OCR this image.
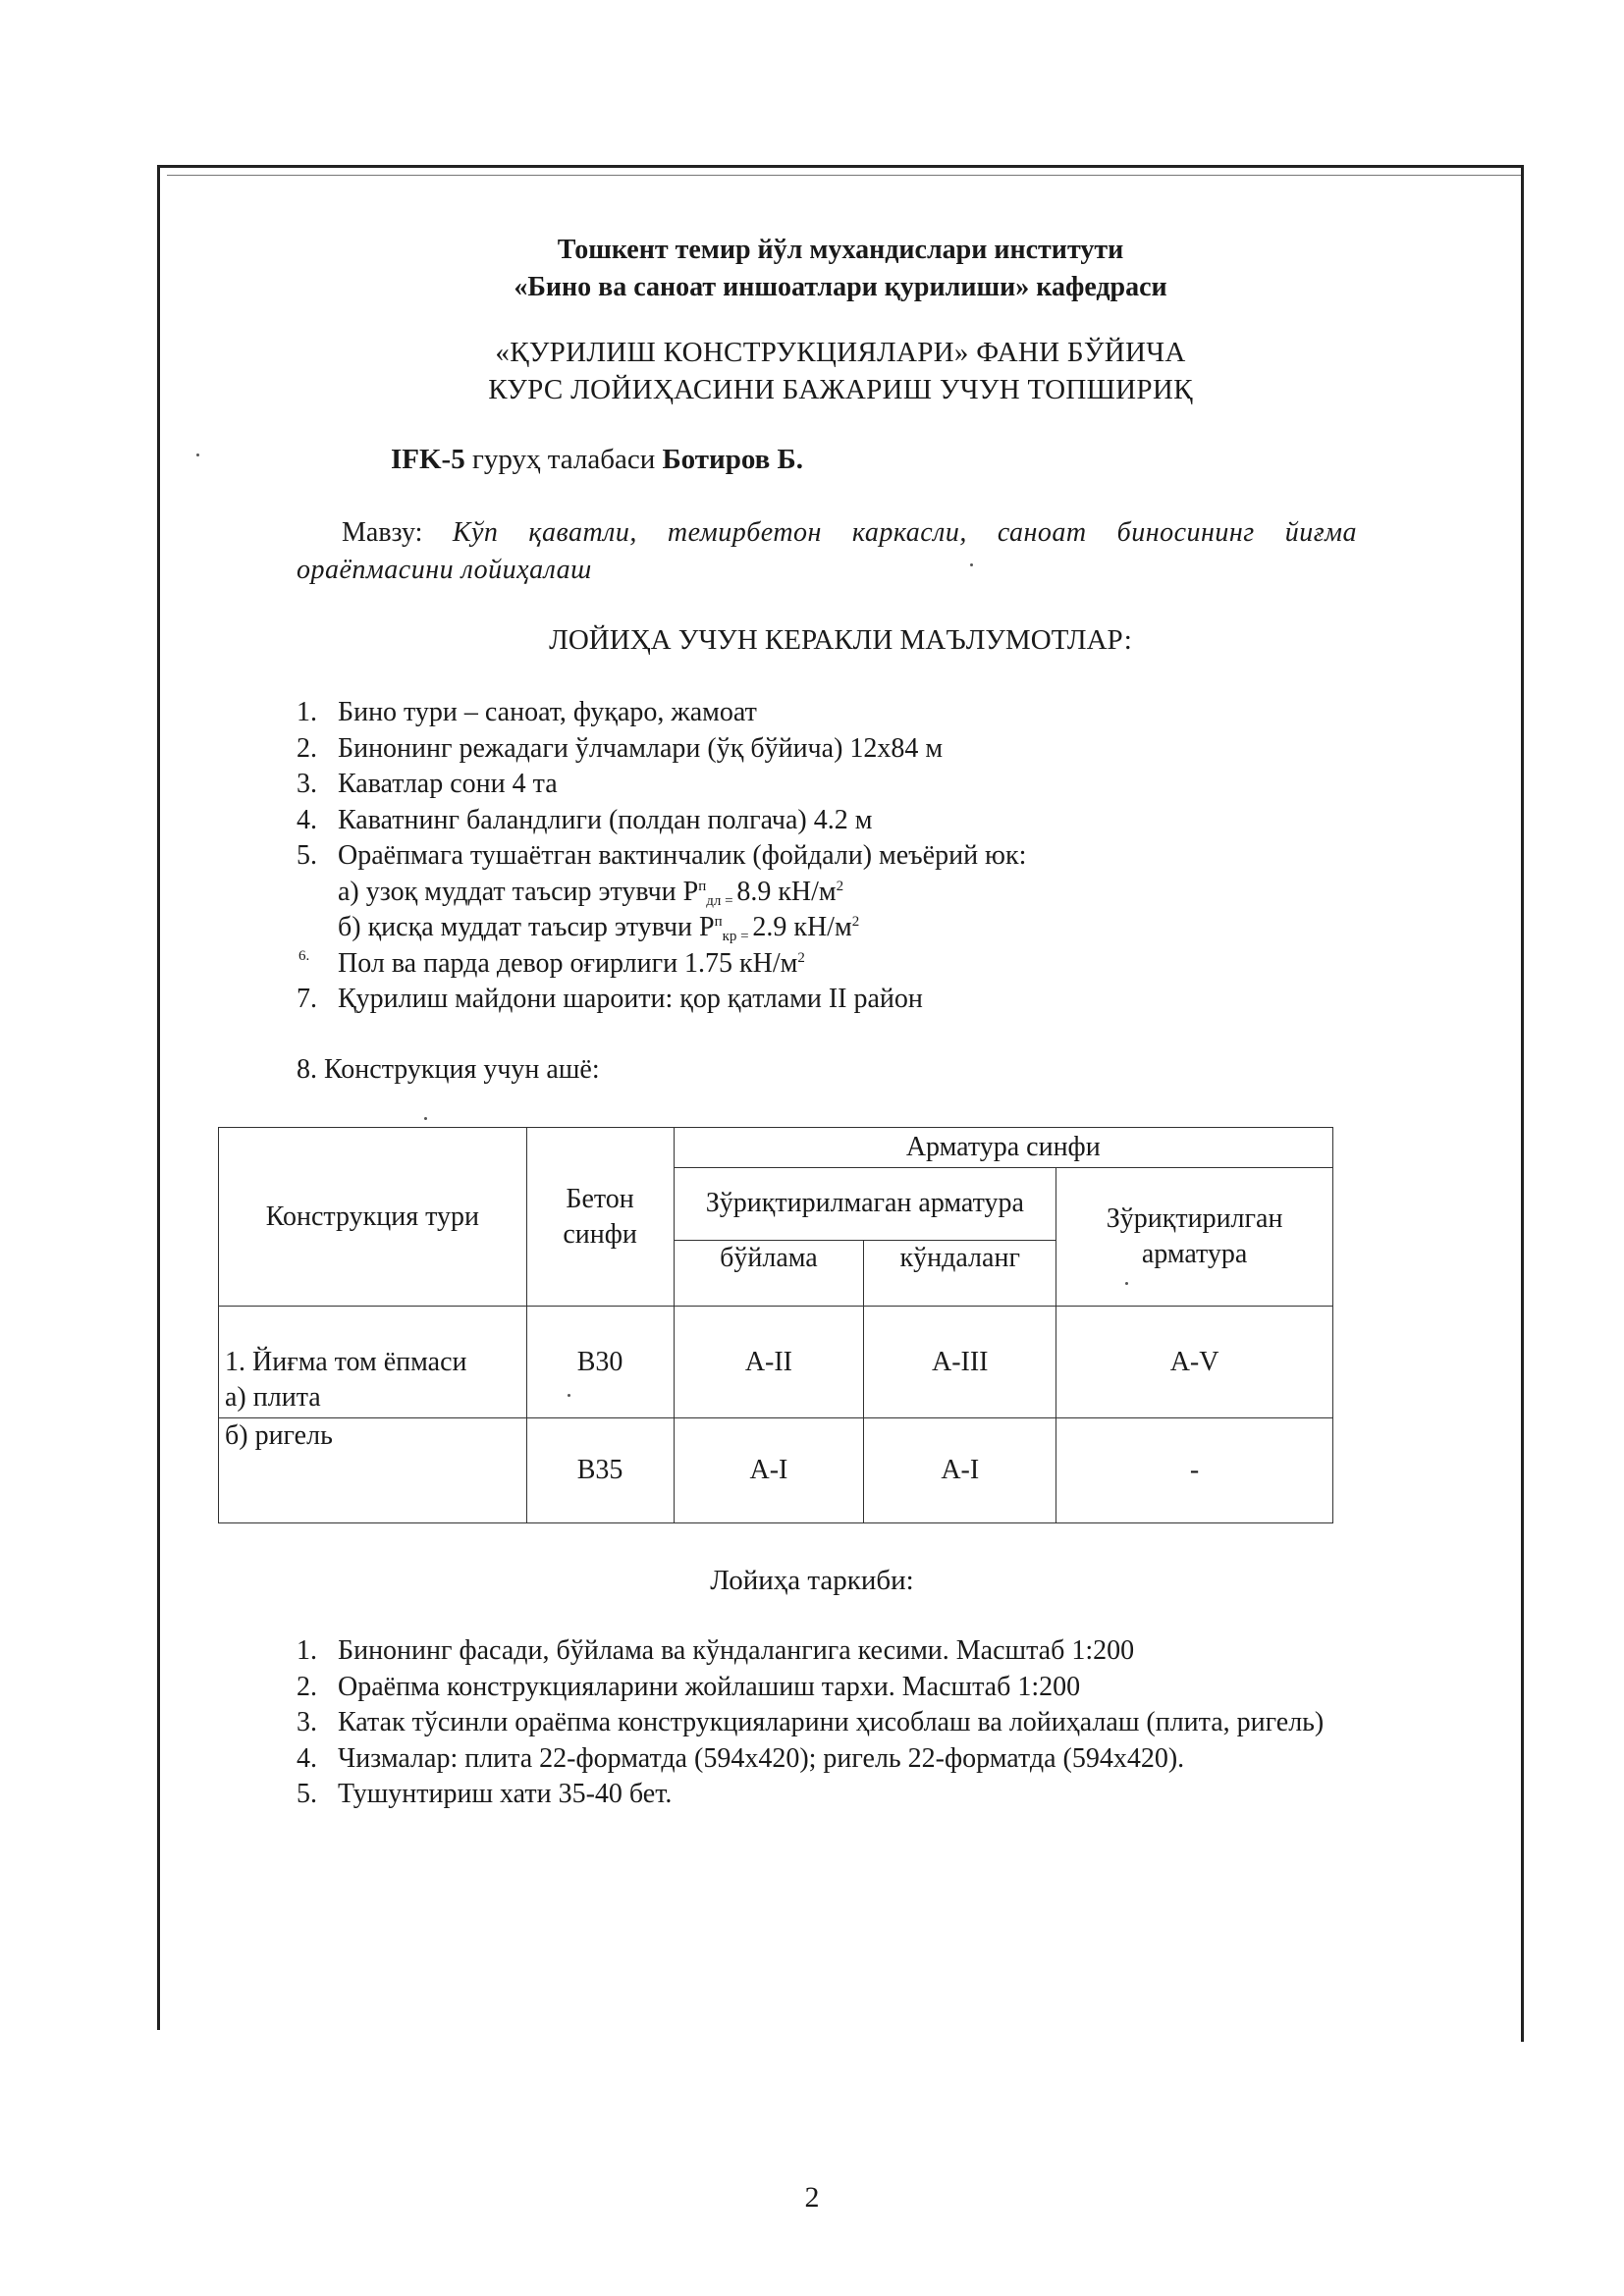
Тошкент темир йўл мухандислари институти
«Бино ва саноат иншоатлари қурилиши» кафедраси
«ҚУРИЛИШ КОНСТРУКЦИЯЛАРИ» ФАНИ БЎЙИЧА
КУРС ЛОЙИҲАСИНИ БАЖАРИШ УЧУН ТОПШИРИҚ
IFK-5 гуруҳ талабаси Ботиров Б.
Мавзу: Кўп қаватли, темирбетон каркасли, саноат биносининг йиғма ораёпмасини лойиҳалаш
ЛОЙИҲА УЧУН КЕРАКЛИ МАЪЛУМОТЛАР:
1. Бино тури – саноат, фуқаро, жамоат
2. Бинонинг режадаги ўлчамлари (ўқ бўйича) 12х84 м
3. Каватлар сони 4 та
4. Каватнинг баландлиги (полдан полгача) 4.2 м
5. Ораёпмага тушаётган вактинчалик (фойдали) меъёрий юк:
а) узоқ муддат таъсир этувчи $P^п_{дл =}$ 8.9 $кН/м^2$
б) қисқа муддат таъсир этувчи $P^п_{кр =}$ 2.9 $кН/м^2$
6. Пол ва парда девор оғирлиги 1.75 $кН/м^2$
7. Қурилиш майдони шароити: қор қатлами II район
8. Конструкция учун ашё:
Конструкция тури	Бетон синфи	Арматура синфи		
		Зўриқтирилмаган арматура		Зўриқтирилган арматура
		бўйлама	кўндаланг	

1. Йиғма том ёпмаси
а) плита	B30	A-II	A-III	A-V
б) ригель	B35	A-I	A-I	-
Лойиҳа таркиби:
1. Бинонинг фасади, бўйлама ва кўндалангига кесими. Масштаб 1:200
2. Ораёпма конструкцияларини жойлашиш тархи. Масштаб 1:200
3. Катак тўсинли ораёпма конструкцияларини ҳисоблаш ва лойиҳалаш (плита, ригель)
4. Чизмалар: плита 22-форматда (594х420); ригель 22-форматда (594х420).
5. Тушунтириш хати 35-40 бет.
2
